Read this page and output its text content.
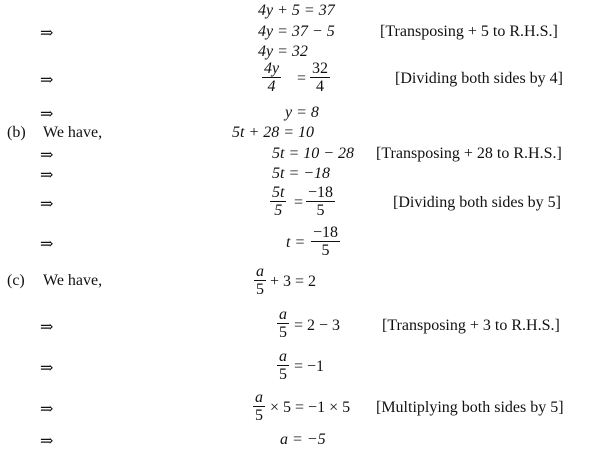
4y + 5 = 37
⇒	4y = 37 − 5	[Transposing + 5 to R.H.S.]
4y = 32
⇒	$\frac{4y}{4} = \frac{32}{4}$	[Dividing both sides by 4]
⇒	y = 8
(b) We have,	5t + 28 = 10
⇒	5t = 10 − 28 [Transposing + 28 to R.H.S.]
⇒	5t = −18
⇒	$\frac{5t}{5} = \frac{-18}{5}$	[Dividing both sides by 5]
⇒	$t = \frac{-18}{5}$
(c) We have,	$\frac{a}{5} + 3 = 2$
⇒	$\frac{a}{5} = 2 - 3$	[Transposing + 3 to R.H.S.]
⇒	$\frac{a}{5} = -1$
⇒	$\frac{a}{5} \times 5 = -1 \times 5$ [Multiplying both sides by 5]
⇒	a = −5
